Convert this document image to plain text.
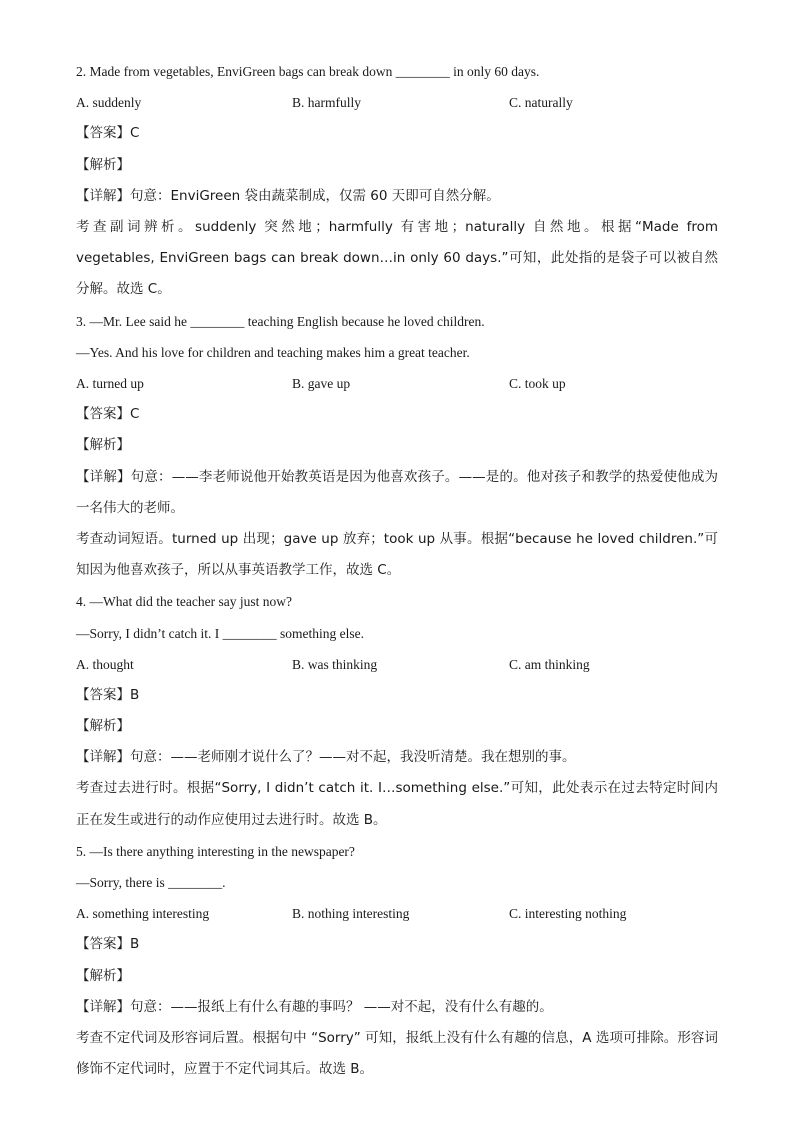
2. Made from vegetables, EnviGreen bags can break down ________ in only 60 days.
A. suddenly	B. harmfully	C. naturally
【答案】C
【解析】
【详解】句意：EnviGreen 袋由蔬菜制成，仅需 60 天即可自然分解。
考查副词辨析。suddenly 突然地；harmfully 有害地；naturally 自然地。根据“Made from vegetables, EnviGreen bags can break down…in only 60 days.”可知，此处指的是袋子可以被自然分解。故选 C。
3. —Mr. Lee said he ________ teaching English because he loved children.
—Yes. And his love for children and teaching makes him a great teacher.
A. turned up	B. gave up	C. took up
【答案】C
【解析】
【详解】句意：——李老师说他开始教英语是因为他喜欢孩子。——是的。他对孩子和教学的热爱使他成为一名伟大的老师。
考查动词短语。turned up 出现；gave up 放弃；took up 从事。根据“because he loved children.”可知因为他喜欢孩子，所以从事英语教学工作，故选 C。
4. —What did the teacher say just now?
—Sorry, I didn’t catch it. I ________ something else.
A. thought	B. was thinking	C. am thinking
【答案】B
【解析】
【详解】句意：——老师刚才说什么了？——对不起，我没听清楚。我在想别的事。
考查过去进行时。根据“Sorry, I didn’t catch it. I…something else.”可知，此处表示在过去特定时间内正在发生或进行的动作应使用过去进行时。故选 B。
5. —Is there anything interesting in the newspaper?
—Sorry, there is ________.
A. something interesting	B. nothing interesting	C. interesting nothing
【答案】B
【解析】
【详解】句意：——报纸上有什么有趣的事吗？ ——对不起，没有什么有趣的。
考查不定代词及形容词后置。根据句中 “Sorry” 可知，报纸上没有什么有趣的信息，A 选项可排除。形容词修饰不定代词时，应置于不定代词其后。故选 B。
